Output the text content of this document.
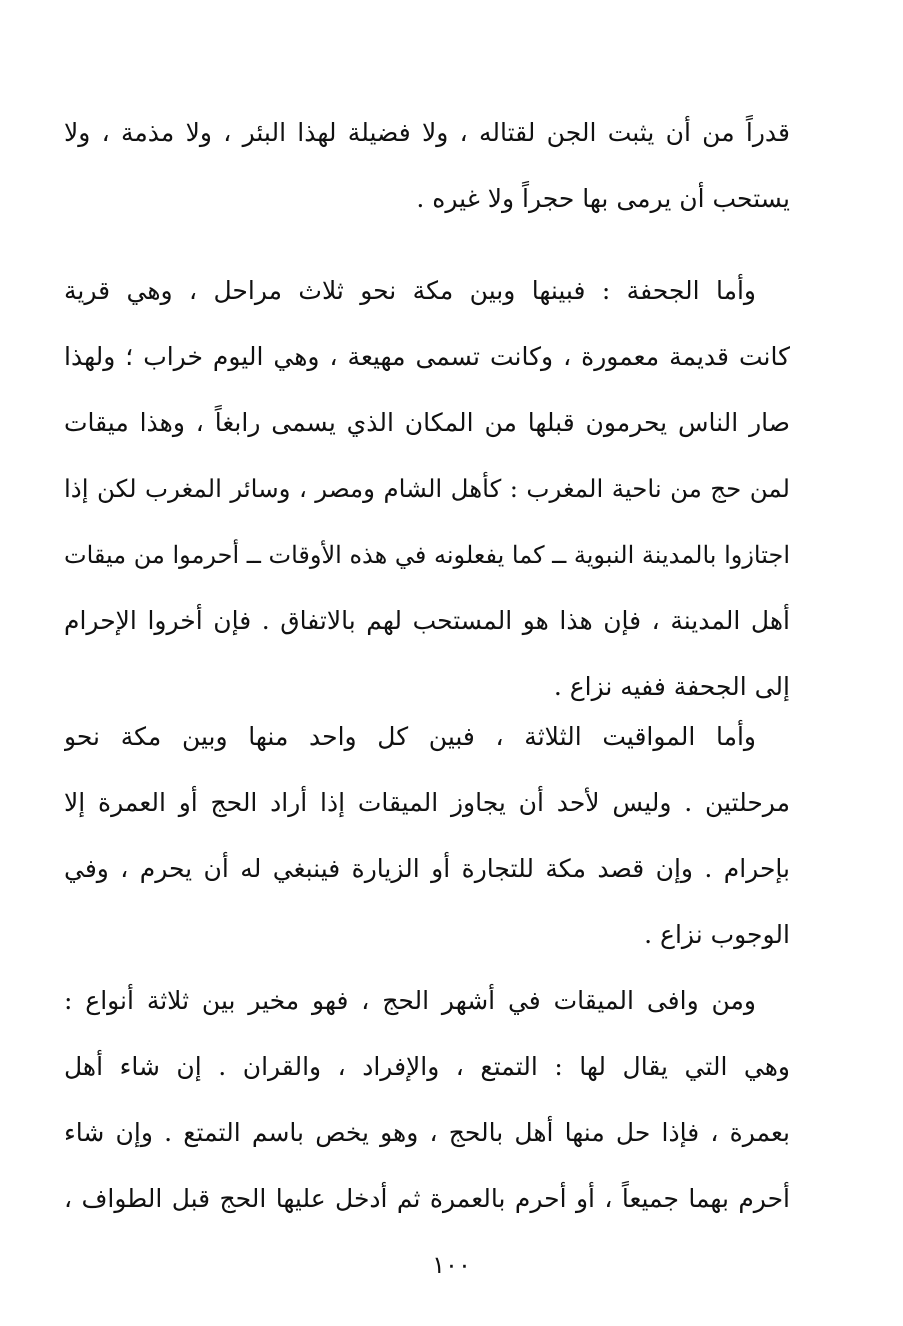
قدراً من أن يثبت الجن لقتاله ، ولا فضيلة لهذا البئر ، ولا مذمة ، ولا
يستحب أن يرمى بها حجراً ولا غيره .
وأما الجحفة : فبينها وبين مكة نحو ثلاث مراحل ، وهي قرية
كانت قديمة معمورة ، وكانت تسمى مهيعة ، وهي اليوم خراب ؛ ولهذا
صار الناس يحرمون قبلها من المكان الذي يسمى رابغاً ، وهذا ميقات
لمن حج من ناحية المغرب : كأهل الشام ومصر ، وسائر المغرب لكن إذا
اجتازوا بالمدينة النبوية ــ كما يفعلونه في هذه الأوقات ــ أحرموا من ميقات
أهل المدينة ، فإن هذا هو المستحب لهم بالاتفاق . فإن أخروا الإحرام
إلى الجحفة ففيه نزاع .
وأما المواقيت الثلاثة ، فبين كل واحد منها وبين مكة نحو
مرحلتين . وليس لأحد أن يجاوز الميقات إذا أراد الحج أو العمرة إلا
بإحرام . وإن قصد مكة للتجارة أو الزيارة فينبغي له أن يحرم ، وفي
الوجوب نزاع .
ومن وافى الميقات في أشهر الحج ، فهو مخير بين ثلاثة أنواع :
وهي التي يقال لها : التمتع ، والإفراد ، والقران . إن شاء أهل
بعمرة ، فإذا حل منها أهل بالحج ، وهو يخص باسم التمتع . وإن شاء
أحرم بهما جميعاً ، أو أحرم بالعمرة ثم أدخل عليها الحج قبل الطواف ،
١٠٠
